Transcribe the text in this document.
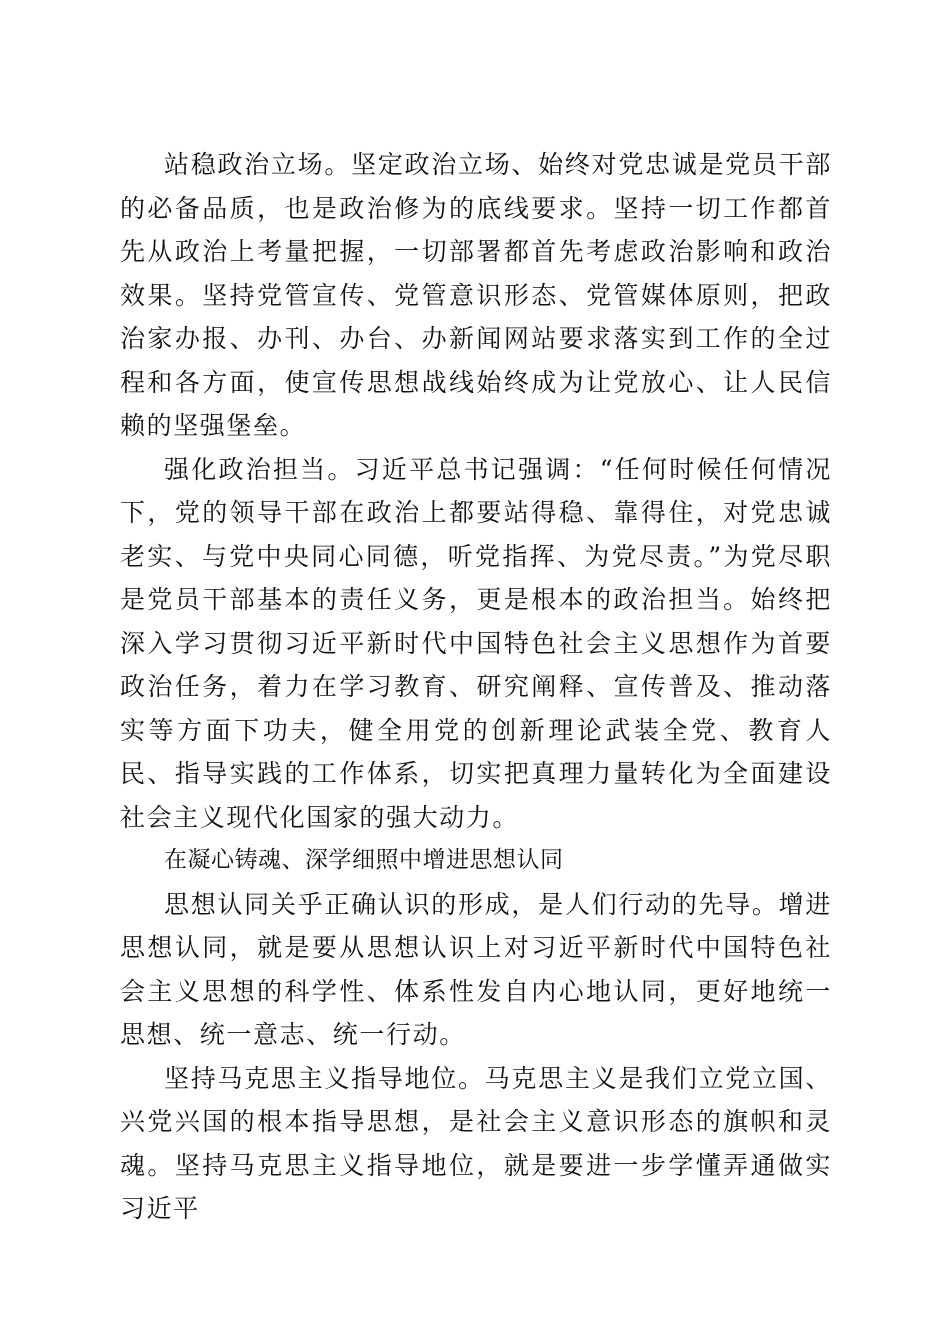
站稳政治立场。坚定政治立场、始终对党忠诚是党员干部的必备品质，也是政治修为的底线要求。坚持一切工作都首先从政治上考量把握，一切部署都首先考虑政治影响和政治效果。坚持党管宣传、党管意识形态、党管媒体原则，把政治家办报、办刊、办台、办新闻网站要求落实到工作的全过程和各方面，使宣传思想战线始终成为让党放心、让人民信赖的坚强堡垒。

强化政治担当。习近平总书记强调：“任何时候任何情况下，党的领导干部在政治上都要站得稳、靠得住，对党忠诚老实、与党中央同心同德，听党指挥、为党尽责。”为党尽职是党员干部基本的责任义务，更是根本的政治担当。始终把深入学习贯彻习近平新时代中国特色社会主义思想作为首要政治任务，着力在学习教育、研究阐释、宣传普及、推动落实等方面下功夫，健全用党的创新理论武装全党、教育人民、指导实践的工作体系，切实把真理力量转化为全面建设社会主义现代化国家的强大动力。

在凝心铸魂、深学细照中增进思想认同

思想认同关乎正确认识的形成，是人们行动的先导。增进思想认同，就是要从思想认识上对习近平新时代中国特色社会主义思想的科学性、体系性发自内心地认同，更好地统一思想、统一意志、统一行动。

坚持马克思主义指导地位。马克思主义是我们立党立国、兴党兴国的根本指导思想，是社会主义意识形态的旗帜和灵魂。坚持马克思主义指导地位，就是要进一步学懂弄通做实习近平
